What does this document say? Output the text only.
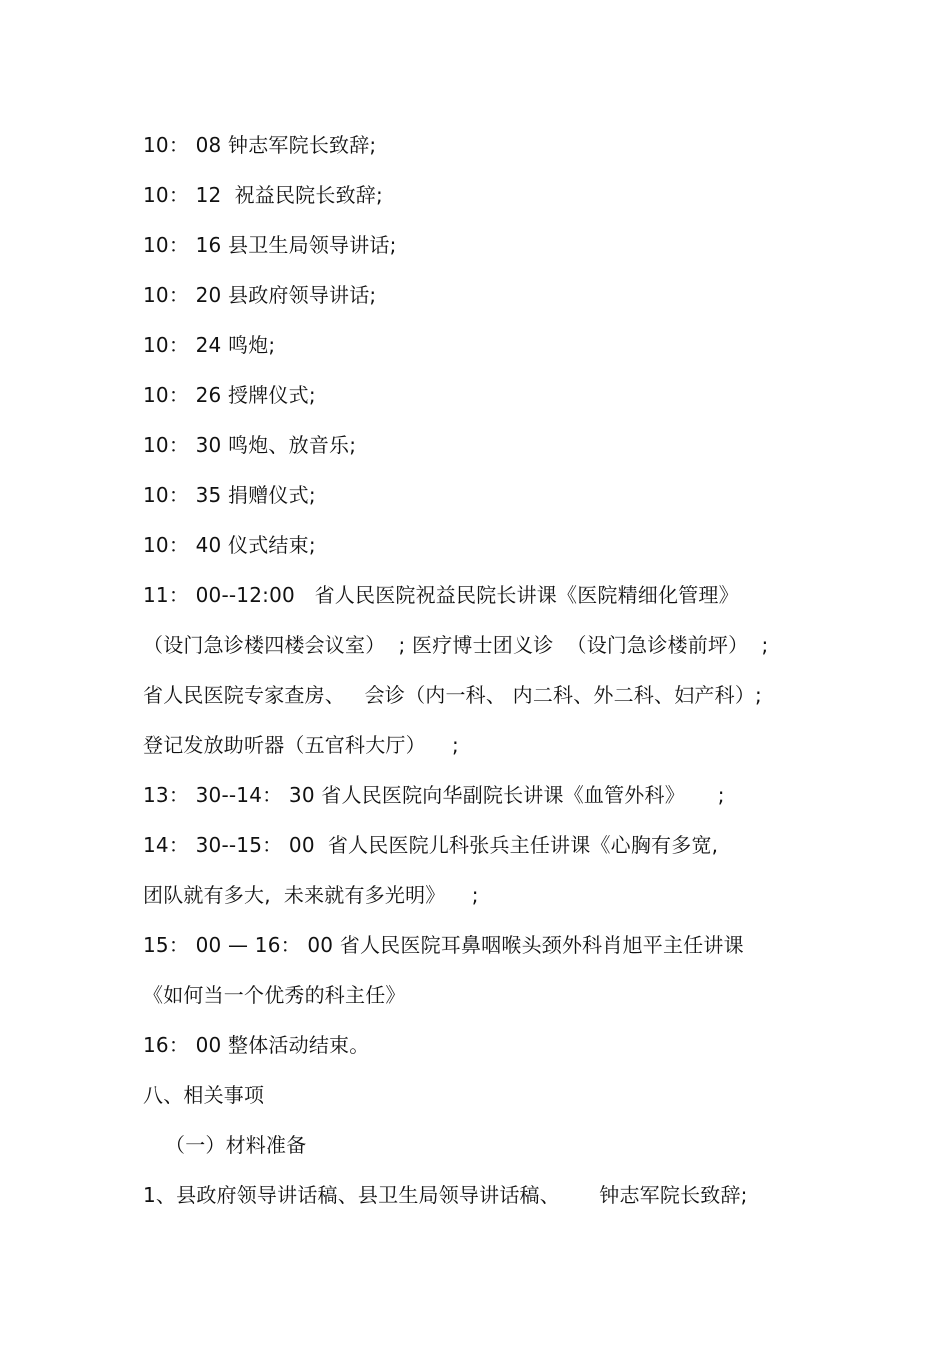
10： 08 钟志军院长致辞;
10： 12  祝益民院长致辞;
10： 16 县卫生局领导讲话;
10： 20 县政府领导讲话;
10： 24 鸣炮;
10： 26 授牌仪式;
10： 30 鸣炮、放音乐;
10： 35 捐赠仪式;
10： 40 仪式结束;
11： 00--12:00   省人民医院祝益民院长讲课《医院精细化管理》
（设门急诊楼四楼会议室）  ; 医疗博士团义诊  （设门急诊楼前坪）  ;
省人民医院专家查房、   会诊（内一科、 内二科、外二科、妇产科）;
登记发放助听器（五官科大厅）    ;
13： 30--14： 30 省人民医院向华副院长讲课《血管外科》     ;
14： 30--15： 00  省人民医院儿科张兵主任讲课《心胸有多宽,
团队就有多大,  未来就有多光明》    ;
15： 00 — 16： 00 省人民医院耳鼻咽喉头颈外科肖旭平主任讲课
《如何当一个优秀的科主任》
16： 00 整体活动结束。
八、相关事项
（一）材料准备
1、县政府领导讲话稿、县卫生局领导讲话稿、      钟志军院长致辞;
